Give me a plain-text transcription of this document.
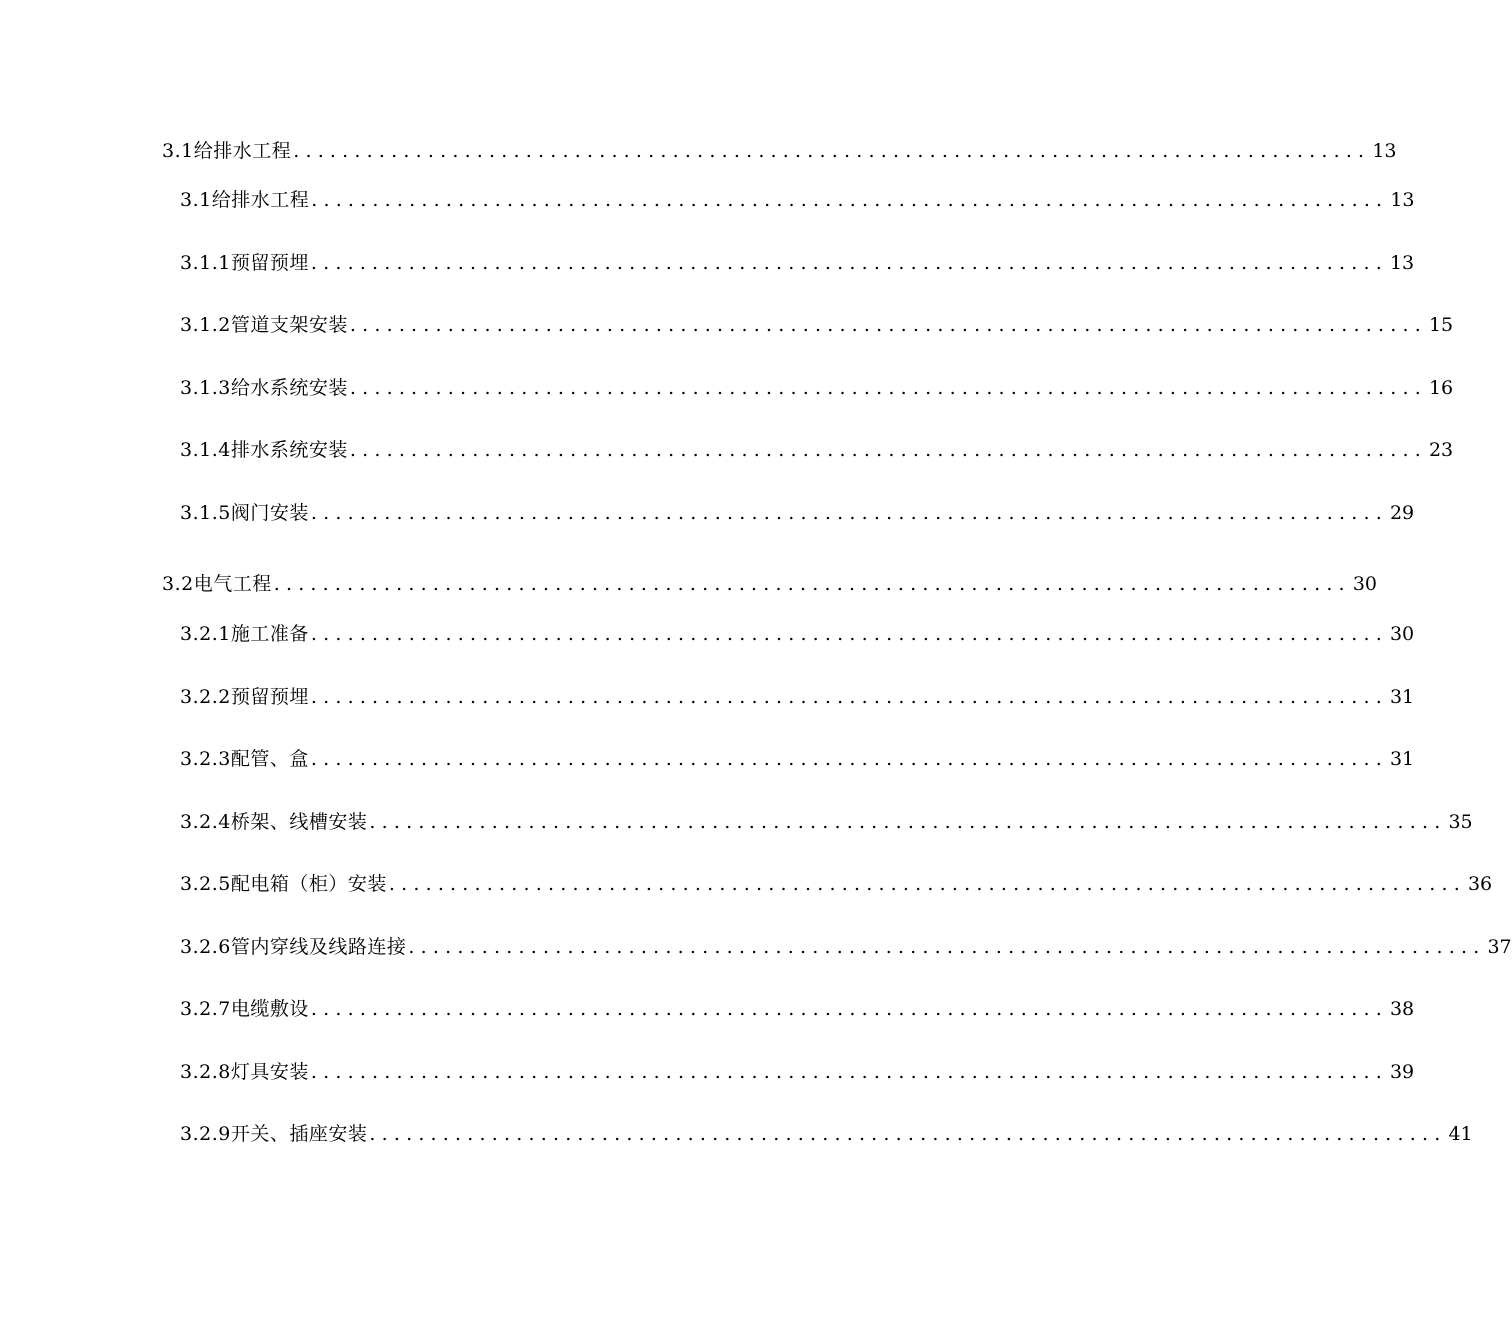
3.1给排水工程 ........................................................................................ 13
3.1给排水工程 ........................................................................................ 13
3.1.1预留预埋 ........................................................................................ 13
3.1.2管道支架安装 ........................................................................................ 15
3.1.3给水系统安装 ........................................................................................ 16
3.1.4排水系统安装 ........................................................................................ 23
3.1.5阀门安装 ........................................................................................ 29
3.2电气工程 ........................................................................................ 30
3.2.1施工准备 ........................................................................................ 30
3.2.2预留预埋 ........................................................................................ 31
3.2.3配管、盒 ........................................................................................ 31
3.2.4桥架、线槽安装 ........................................................................................ 35
3.2.5配电箱（柜）安装 ........................................................................................ 36
3.2.6管内穿线及线路连接 ........................................................................................ 37
3.2.7电缆敷设 ........................................................................................ 38
3.2.8灯具安装 ........................................................................................ 39
3.2.9开关、插座安装 ........................................................................................ 41
